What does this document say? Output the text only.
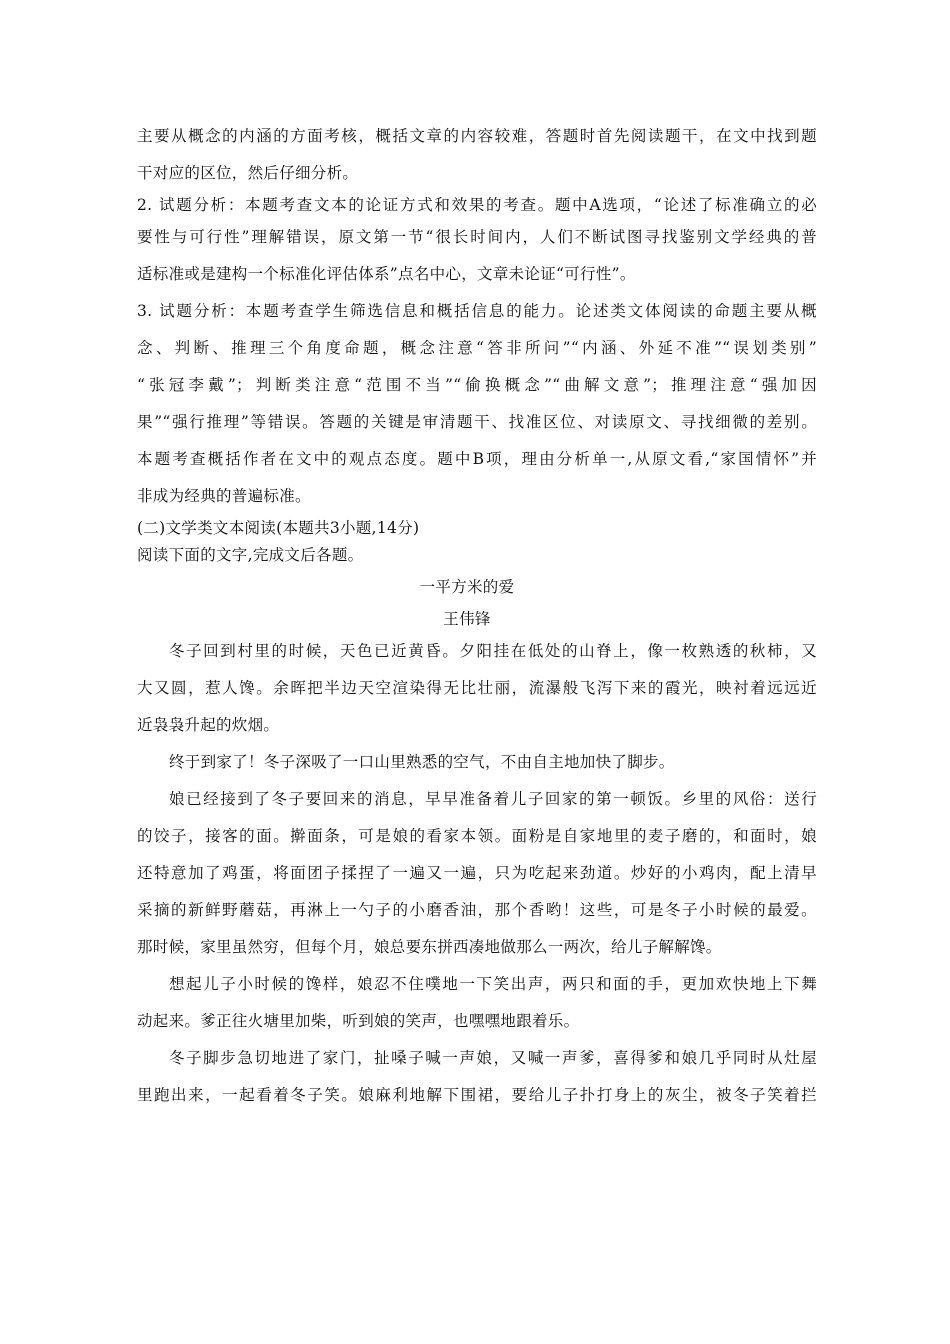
主要从概念的内涵的方面考核，概括文章的内容较难，答题时首先阅读题干，在文中找到题
干对应的区位，然后仔细分析。
2. 试题分析：本题考查文本的论证方式和效果的考查。题中A选项，“论述了标准确立的必
要性与可行性”理解错误，原文第一节“很长时间内，人们不断试图寻找鉴别文学经典的普
适标准或是建构一个标准化评估体系”点名中心，文章未论证“可行性”。
3. 试题分析：本题考查学生筛选信息和概括信息的能力。论述类文体阅读的命题主要从概
念、判断、推理三个角度命题，概念注意“答非所问”“内涵、外延不准”“误划类别”
“张冠李戴”；判断类注意“范围不当”“偷换概念”“曲解文意”；推理注意“强加因
果”“强行推理”等错误。答题的关键是审清题干、找准区位、对读原文、寻找细微的差别。
本题考查概括作者在文中的观点态度。题中B项，理由分析单一,从原文看,“家国情怀”并
非成为经典的普遍标准。
(二)文学类文本阅读(本题共3小题,14分)
阅读下面的文字,完成文后各题。
一平方米的爱
王伟锋
冬子回到村里的时候，天色已近黄昏。夕阳挂在低处的山脊上，像一枚熟透的秋柿，又
大又圆，惹人馋。余晖把半边天空渲染得无比壮丽，流瀑般飞泻下来的霞光，映衬着远远近
近袅袅升起的炊烟。
终于到家了！冬子深吸了一口山里熟悉的空气，不由自主地加快了脚步。
娘已经接到了冬子要回来的消息，早早准备着儿子回家的第一顿饭。乡里的风俗：送行
的饺子，接客的面。擀面条，可是娘的看家本领。面粉是自家地里的麦子磨的，和面时，娘
还特意加了鸡蛋，将面团子揉捏了一遍又一遍，只为吃起来劲道。炒好的小鸡肉，配上清早
采摘的新鲜野蘑菇，再淋上一勺子的小磨香油，那个香哟！这些，可是冬子小时候的最爱。
那时候，家里虽然穷，但每个月，娘总要东拼西凑地做那么一两次，给儿子解解馋。
想起儿子小时候的馋样，娘忍不住噗地一下笑出声，两只和面的手，更加欢快地上下舞
动起来。爹正往火塘里加柴，听到娘的笑声，也嘿嘿地跟着乐。
冬子脚步急切地进了家门，扯嗓子喊一声娘，又喊一声爹，喜得爹和娘几乎同时从灶屋
里跑出来，一起看着冬子笑。娘麻利地解下围裙，要给儿子扑打身上的灰尘，被冬子笑着拦
